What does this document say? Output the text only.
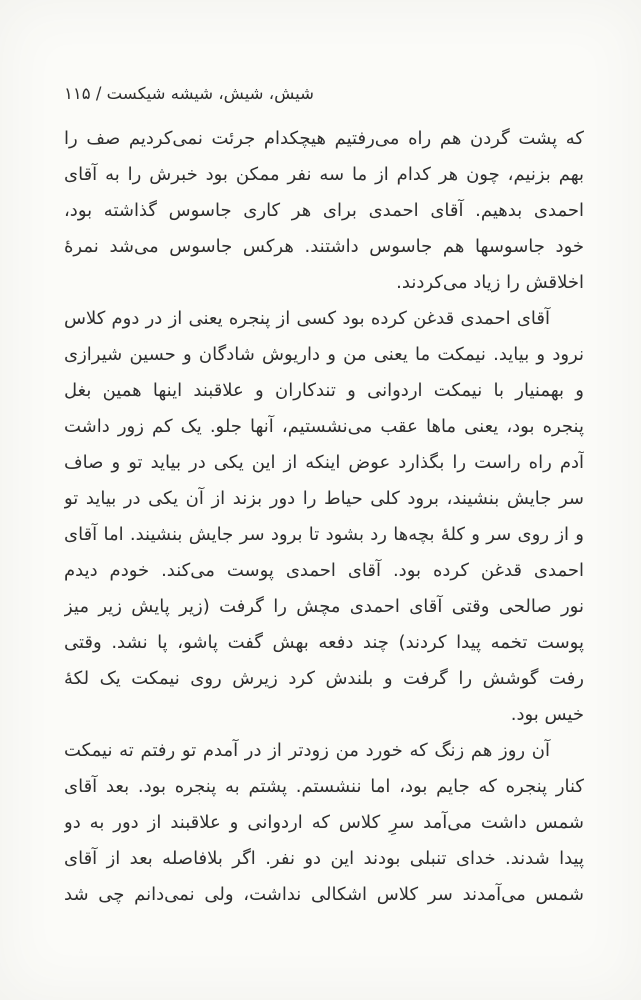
شیش، شیش، شیشه شیکست / ۱۱۵
که پشت گردن هم راه می‌رفتیم هیچکدام جرئت نمی‌کردیم صف را
بهم بزنیم، چون هر کدام از ما سه نفر ممکن بود خبرش را به آقای
احمدی بدهیم. آقای احمدی برای هر کاری جاسوس گذاشته بود،
خود جاسوسها هم جاسوس داشتند. هرکس جاسوس می‌شد نمرهٔ
اخلاقش را زیاد می‌کردند.
آقای احمدی قدغن کرده بود کسی از پنجره یعنی از در دوم کلاس
نرود و بیاید. نیمکت ما یعنی من و داریوش شادگان و حسین شیرازی
و بهمنیار با نیمکت اردوانی و تندکاران و علاقبند اینها همین بغل
پنجره بود، یعنی ماها عقب می‌نشستیم، آنها جلو. یک کم زور داشت
آدم راه راست را بگذارد عوض اینکه از این یکی در بیاید تو و صاف
سر جایش بنشیند، برود کلی حیاط را دور بزند از آن یکی در بیاید تو
و از روی سر و کلهٔ بچه‌ها رد بشود تا برود سر جایش بنشیند. اما آقای
احمدی قدغن کرده بود. آقای احمدی پوست می‌کند. خودم دیدم
نور صالحی وقتی آقای احمدی مچش را گرفت (زیر پایش زیر میز
پوست تخمه پیدا کردند) چند دفعه بهش گفت پاشو، پا نشد. وقتی
رفت گوشش را گرفت و بلندش کرد زیرش روی نیمکت یک لکهٔ
خیس بود.
آن روز هم زنگ که خورد من زودتر از در آمدم تو رفتم ته نیمکت
کنار پنجره که جایم بود، اما ننشستم. پشتم به پنجره بود. بعد آقای
شمس داشت می‌آمد سرِ کلاس که اردوانی و علاقبند از دور به دو
پیدا شدند. خدای تنبلی بودند این دو نفر. اگر بلافاصله بعد از آقای
شمس می‌آمدند سر کلاس اشکالی نداشت، ولی نمی‌دانم چی شد
